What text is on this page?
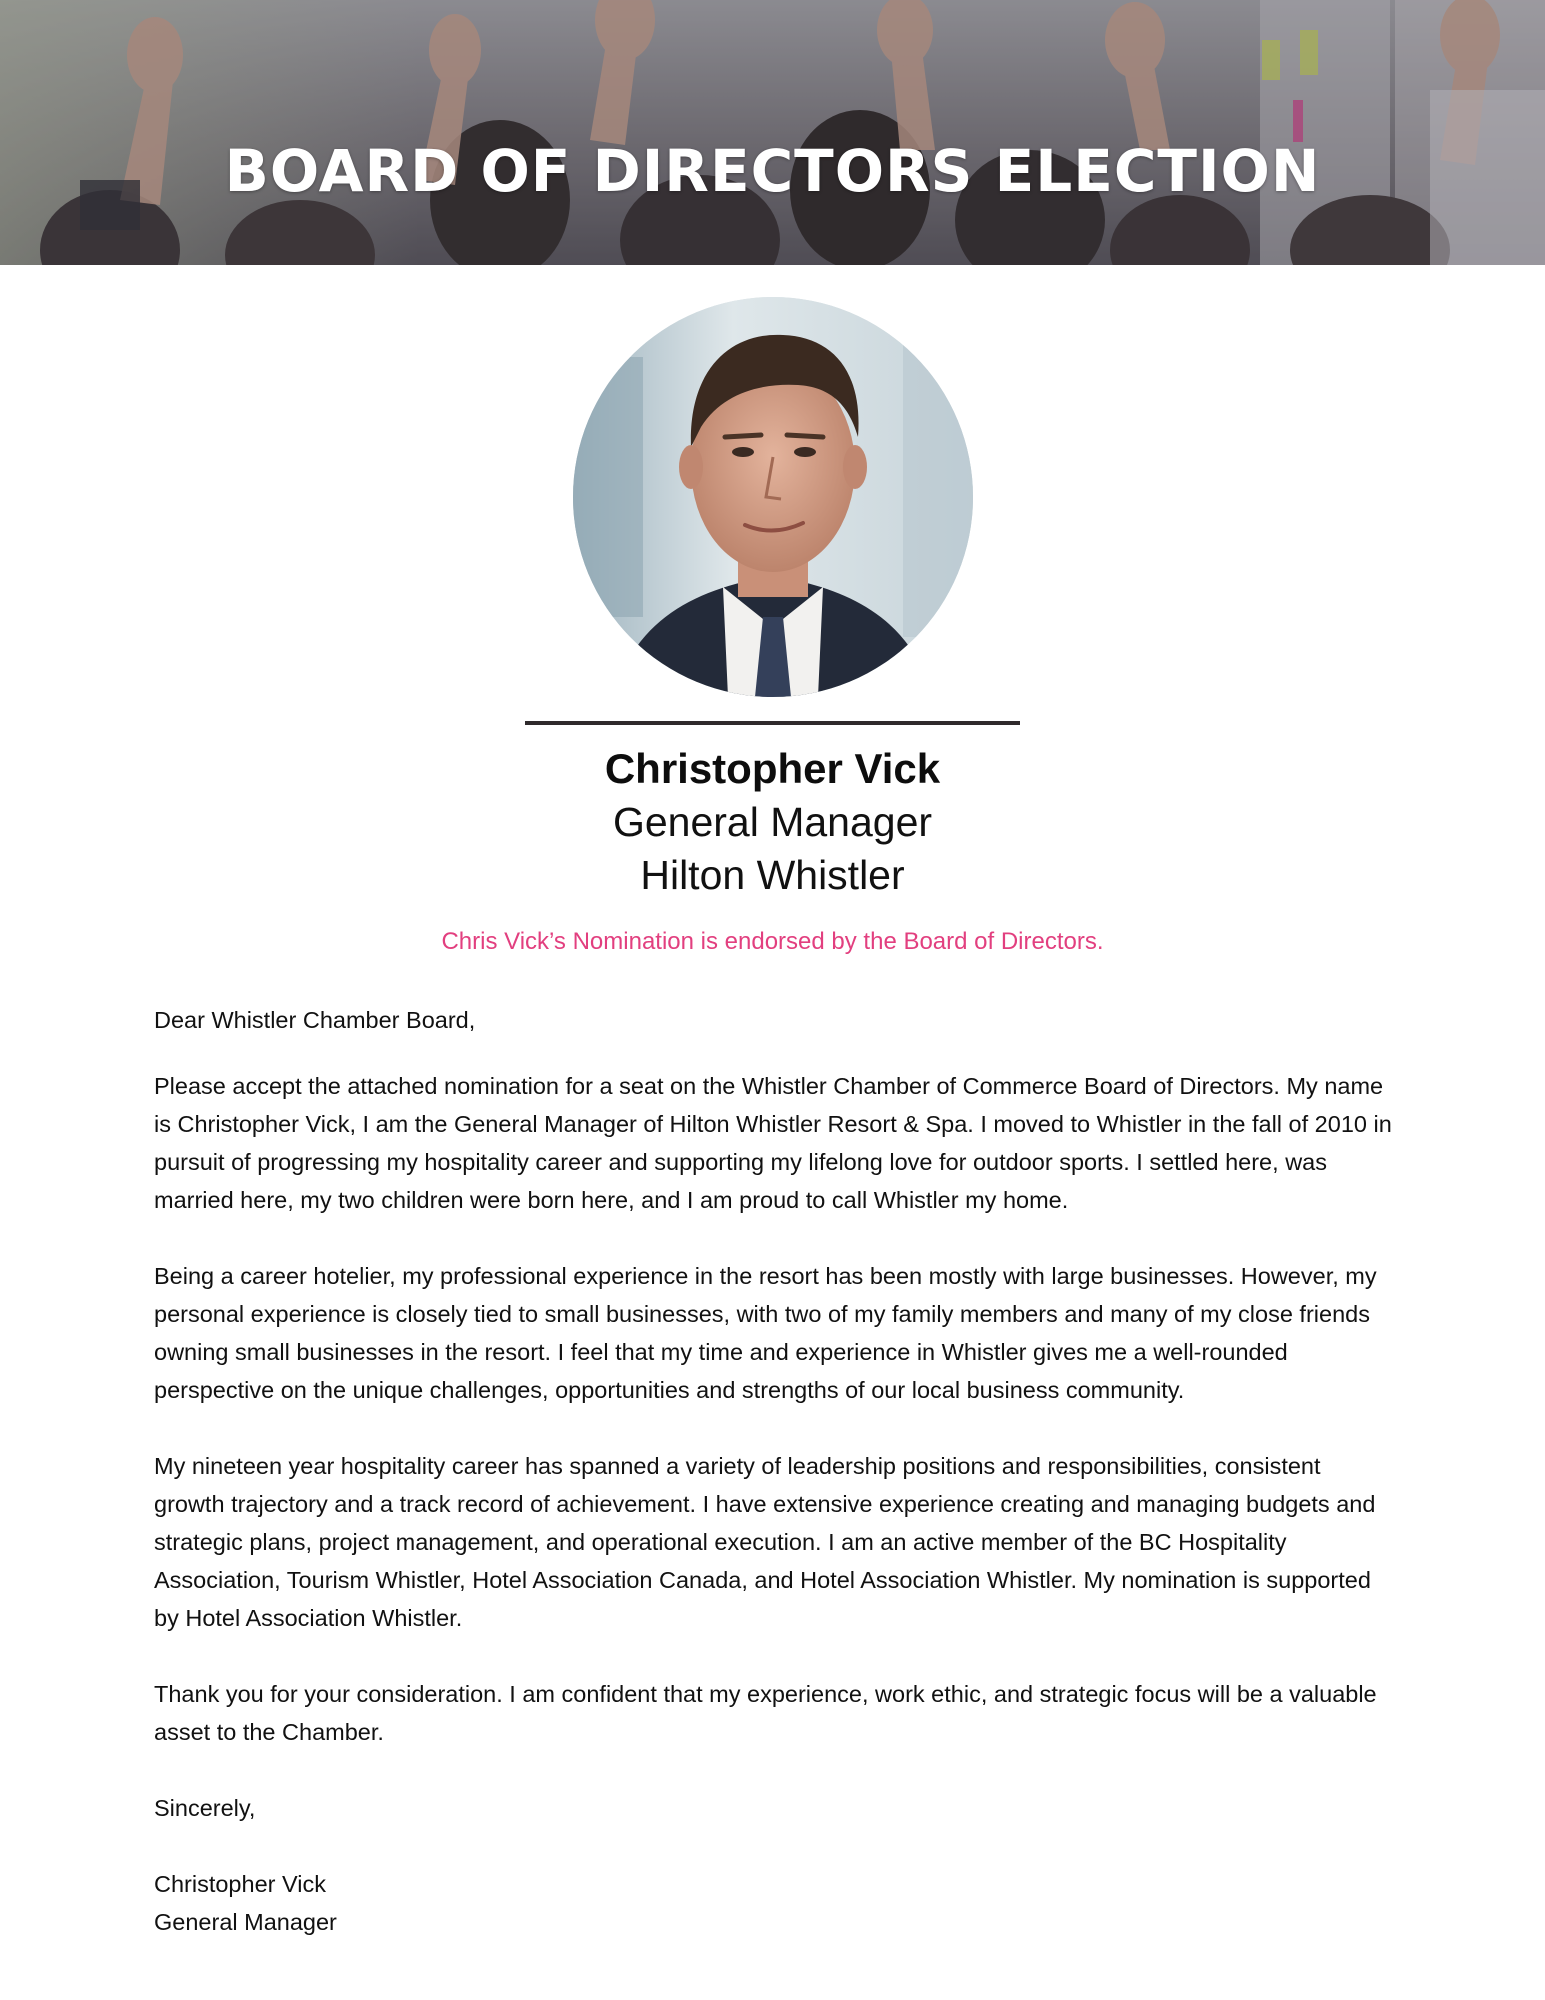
BOARD OF DIRECTORS ELECTION
Christopher Vick
General Manager
Hilton Whistler
Chris Vick’s Nomination is endorsed by the Board of Directors.

Dear Whistler Chamber Board,

Please accept the attached nomination for a seat on the Whistler Chamber of Commerce Board of Directors. My name is Christopher Vick, I am the General Manager of Hilton Whistler Resort & Spa. I moved to Whistler in the fall of 2010 in pursuit of progressing my hospitality career and supporting my lifelong love for outdoor sports. I settled here, was married here, my two children were born here, and I am proud to call Whistler my home.

Being a career hotelier, my professional experience in the resort has been mostly with large businesses. However, my personal experience is closely tied to small businesses, with two of my family members and many of my close friends owning small businesses in the resort. I feel that my time and experience in Whistler gives me a well-rounded perspective on the unique challenges, opportunities and strengths of our local business community.

My nineteen year hospitality career has spanned a variety of leadership positions and responsibilities, consistent growth trajectory and a track record of achievement. I have extensive experience creating and managing budgets and strategic plans, project management, and operational execution. I am an active member of the BC Hospitality Association, Tourism Whistler, Hotel Association Canada, and Hotel Association Whistler. My nomination is supported by Hotel Association Whistler.

Thank you for your consideration. I am confident that my experience, work ethic, and strategic focus will be a valuable asset to the Chamber.

Sincerely,

Christopher Vick

General Manager
